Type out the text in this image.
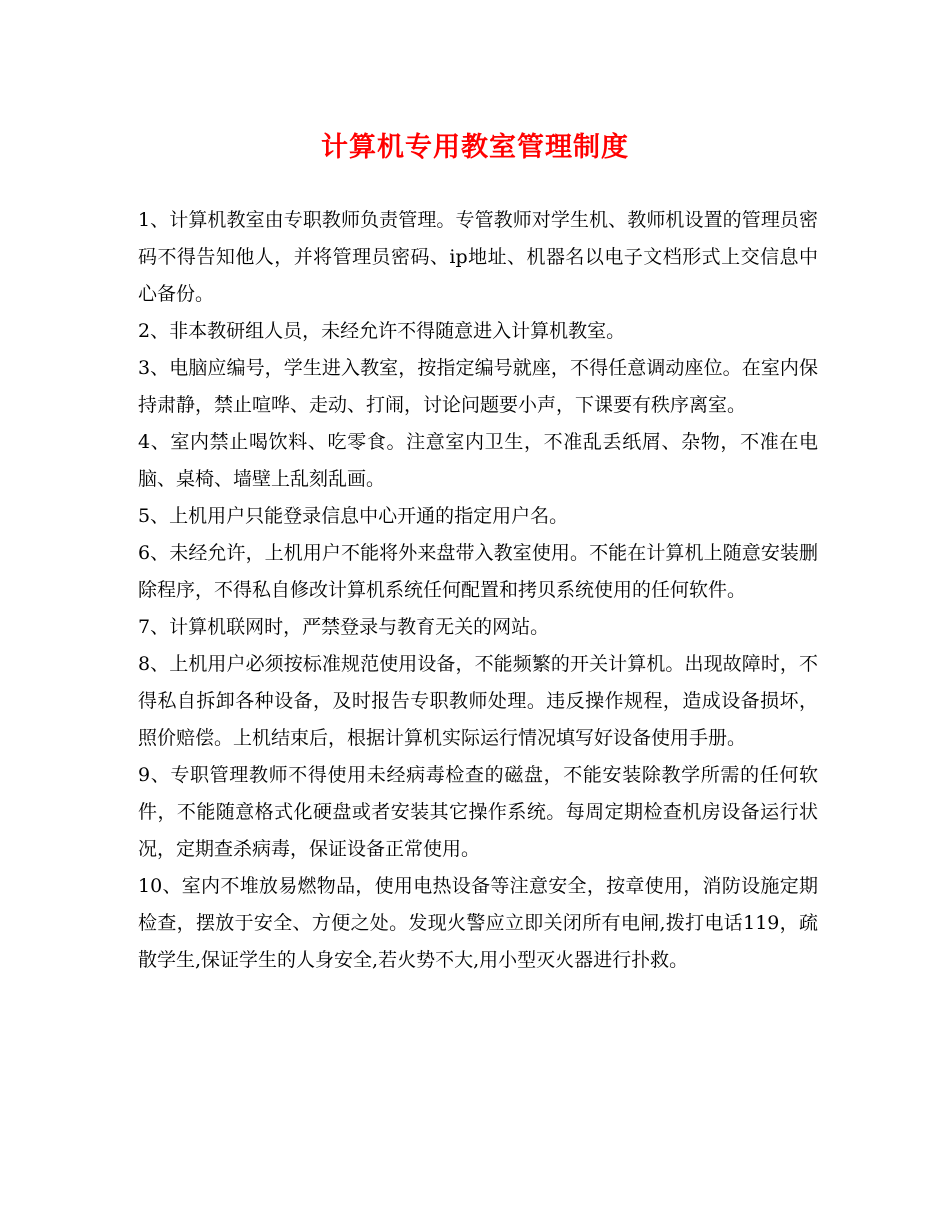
计算机专用教室管理制度
1、计算机教室由专职教师负责管理。专管教师对学生机、教师机设置的管理员密码不得告知他人，并将管理员密码、ip地址、机器名以电子文档形式上交信息中心备份。
2、非本教研组人员，未经允许不得随意进入计算机教室。
3、电脑应编号，学生进入教室，按指定编号就座，不得任意调动座位。在室内保持肃静，禁止喧哗、走动、打闹，讨论问题要小声，下课要有秩序离室。
4、室内禁止喝饮料、吃零食。注意室内卫生，不准乱丢纸屑、杂物，不准在电脑、桌椅、墙壁上乱刻乱画。
5、上机用户只能登录信息中心开通的指定用户名。
6、未经允许，上机用户不能将外来盘带入教室使用。不能在计算机上随意安装删除程序，不得私自修改计算机系统任何配置和拷贝系统使用的任何软件。
7、计算机联网时，严禁登录与教育无关的网站。
8、上机用户必须按标准规范使用设备，不能频繁的开关计算机。出现故障时，不得私自拆卸各种设备，及时报告专职教师处理。违反操作规程，造成设备损坏，照价赔偿。上机结束后，根据计算机实际运行情况填写好设备使用手册。
9、专职管理教师不得使用未经病毒检查的磁盘，不能安装除教学所需的任何软件，不能随意格式化硬盘或者安装其它操作系统。每周定期检查机房设备运行状况，定期查杀病毒，保证设备正常使用。
10、室内不堆放易燃物品，使用电热设备等注意安全，按章使用，消防设施定期检查，摆放于安全、方便之处。发现火警应立即关闭所有电闸,拨打电话119，疏散学生,保证学生的人身安全,若火势不大,用小型灭火器进行扑救。
